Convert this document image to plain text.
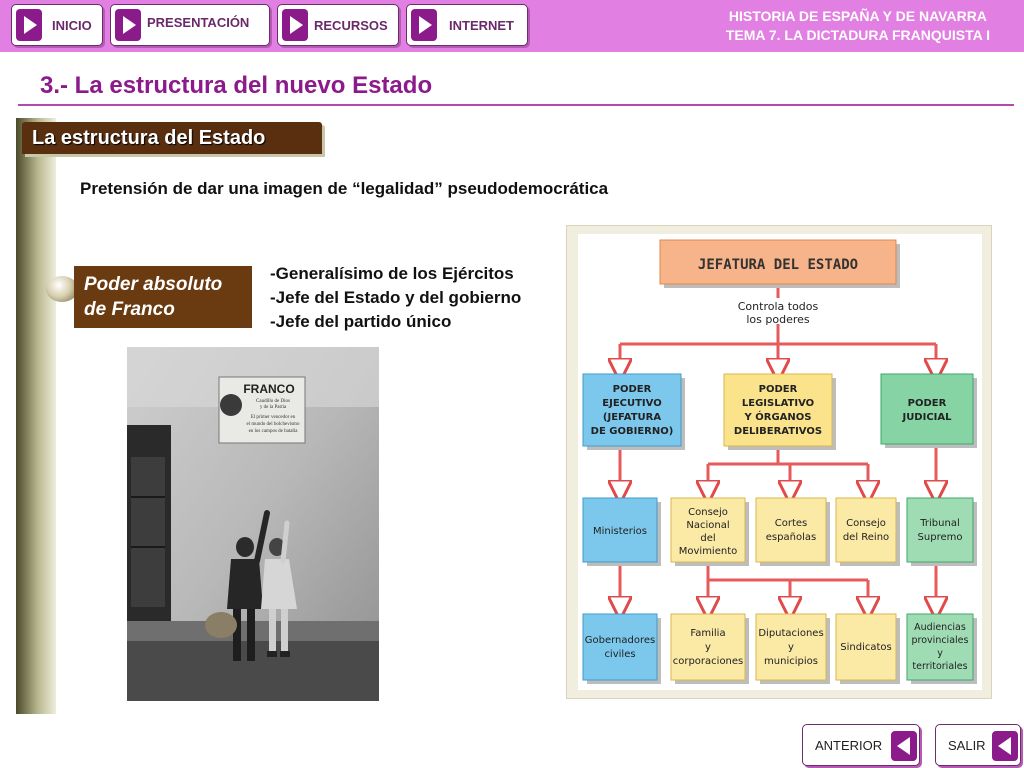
INICIO	PRESENTACIÓN	RECURSOS	INTERNET
HISTORIA DE ESPAÑA Y DE NAVARRA
TEMA 7. LA DICTADURA FRANQUISTA I
3.- La estructura del nuevo Estado
La estructura del Estado
Pretensión de dar una imagen de “legalidad” pseudodemocrática
Poder absoluto
de Franco
-Generalísimo de los Ejércitos
-Jefe del Estado y del gobierno
-Jefe del partido único
FRANCO
Caudillo de Dios
y de la Patria
El primer vencedor en
el mundo del bolchevismo
en los campos de batalla
JEFATURA DEL ESTADO
Controla todos
los poderes
PODER
EJECUTIVO
(JEFATURA
DE GOBIERNO)
PODER
LEGISLATIVO
Y ÓRGANOS
DELIBERATIVOS
PODER
JUDICIAL
Ministerios
Consejo
Nacional
del
Movimiento
Cortes
españolas
Consejo
del Reino
Tribunal
Supremo
Gobernadores
civiles
Familia
y
corporaciones
Diputaciones
y
municipios
Sindicatos
Audiencias
provinciales
y
territoriales
ANTERIOR	SALIR
